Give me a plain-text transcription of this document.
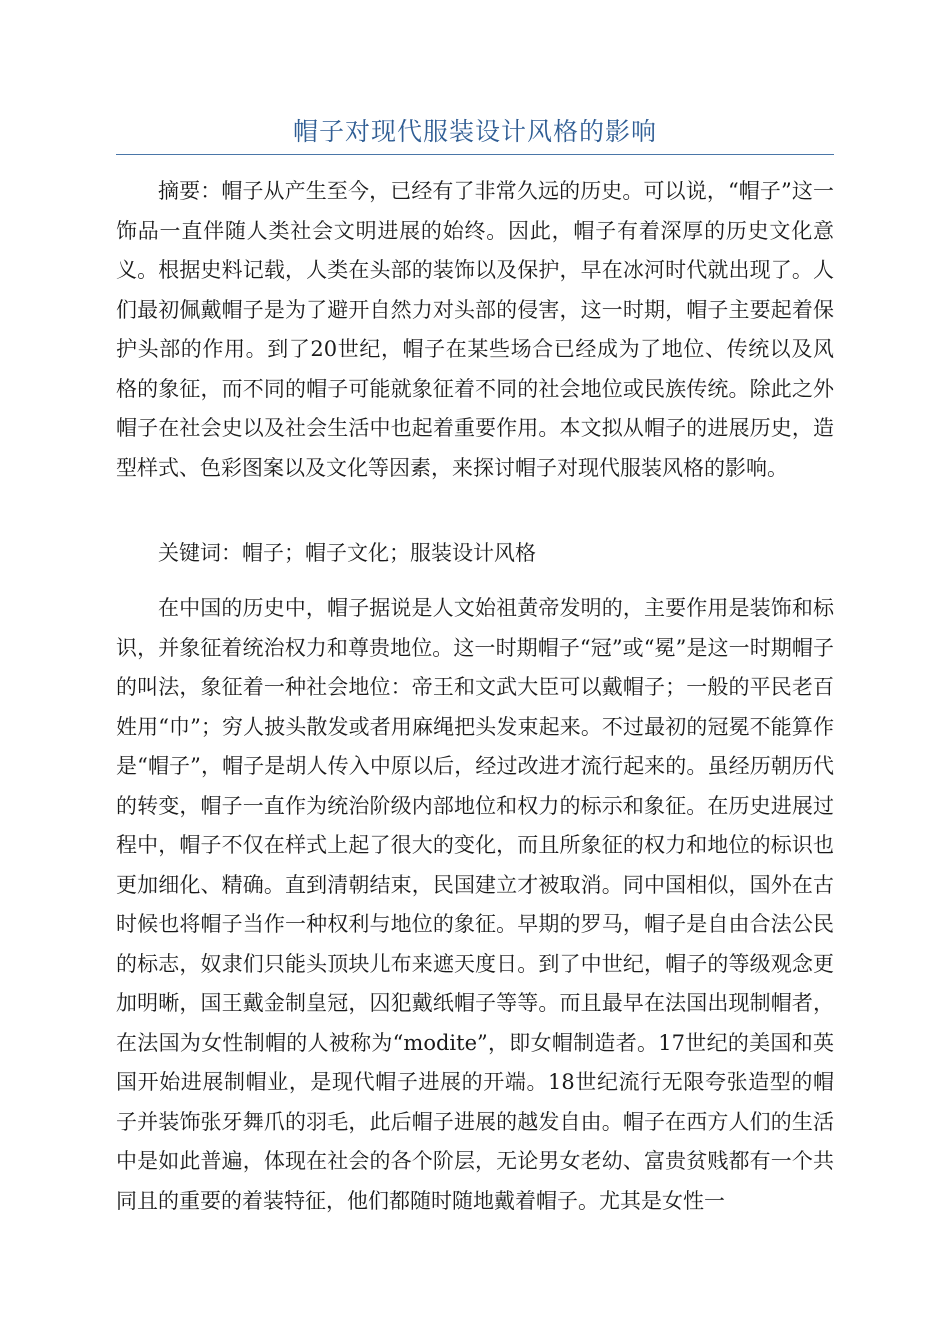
帽子对现代服装设计风格的影响

摘要：帽子从产生至今，已经有了非常久远的历史。可以说，“帽子”这一饰品一直伴随人类社会文明进展的始终。因此，帽子有着深厚的历史文化意义。根据史料记载，人类在头部的装饰以及保护，早在冰河时代就出现了。人们最初佩戴帽子是为了避开自然力对头部的侵害，这一时期，帽子主要起着保护头部的作用。到了20世纪，帽子在某些场合已经成为了地位、传统以及风格的象征，而不同的帽子可能就象征着不同的社会地位或民族传统。除此之外帽子在社会史以及社会生活中也起着重要作用。本文拟从帽子的进展历史，造型样式、色彩图案以及文化等因素，来探讨帽子对现代服装风格的影响。

关键词：帽子；帽子文化；服装设计风格

在中国的历史中，帽子据说是人文始祖黄帝发明的，主要作用是装饰和标识，并象征着统治权力和尊贵地位。这一时期帽子“冠”或“冕”是这一时期帽子的叫法，象征着一种社会地位：帝王和文武大臣可以戴帽子；一般的平民老百姓用“巾”；穷人披头散发或者用麻绳把头发束起来。不过最初的冠冕不能算作是“帽子”，帽子是胡人传入中原以后，经过改进才流行起来的。虽经历朝历代的转变，帽子一直作为统治阶级内部地位和权力的标示和象征。在历史进展过程中，帽子不仅在样式上起了很大的变化，而且所象征的权力和地位的标识也更加细化、精确。直到清朝结束，民国建立才被取消。同中国相似，国外在古时候也将帽子当作一种权利与地位的象征。早期的罗马，帽子是自由合法公民的标志，奴隶们只能头顶块儿布来遮天度日。到了中世纪，帽子的等级观念更加明晰，国王戴金制皇冠，囚犯戴纸帽子等等。而且最早在法国出现制帽者，在法国为女性制帽的人被称为“modite”，即女帽制造者。17世纪的美国和英国开始进展制帽业，是现代帽子进展的开端。18世纪流行无限夸张造型的帽子并装饰张牙舞爪的羽毛，此后帽子进展的越发自由。帽子在西方人们的生活中是如此普遍，体现在社会的各个阶层，无论男女老幼、富贵贫贱都有一个共同且的重要的着装特征，他们都随时随地戴着帽子。尤其是女性一
